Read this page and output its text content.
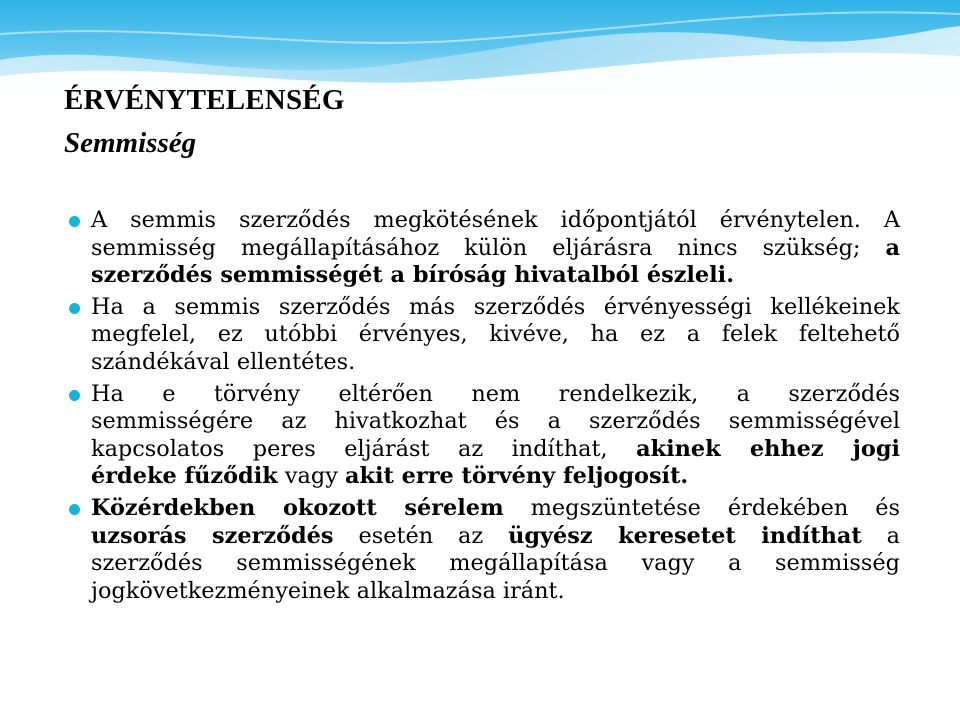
ÉRVÉNYTELENSÉG
Semmisség
A semmis szerződés megkötésének időpontjától érvénytelen. A
semmisség megállapításához külön eljárásra nincs szükség; a
szerződés semmisségét a bíróság hivatalból észleli.
Ha a semmis szerződés más szerződés érvényességi kellékeinek
megfelel, ez utóbbi érvényes, kivéve, ha ez a felek feltehető
szándékával ellentétes.
Ha e törvény eltérően nem rendelkezik, a szerződés
semmisségére az hivatkozhat és a szerződés semmisségével
kapcsolatos peres eljárást az indíthat, akinek ehhez jogi
érdeke fűződik vagy akit erre törvény feljogosít.
Közérdekben okozott sérelem megszüntetése érdekében és
uzsorás szerződés esetén az ügyész keresetet indíthat a
szerződés semmisségének megállapítása vagy a semmisség
jogkövetkezményeinek alkalmazása iránt.
